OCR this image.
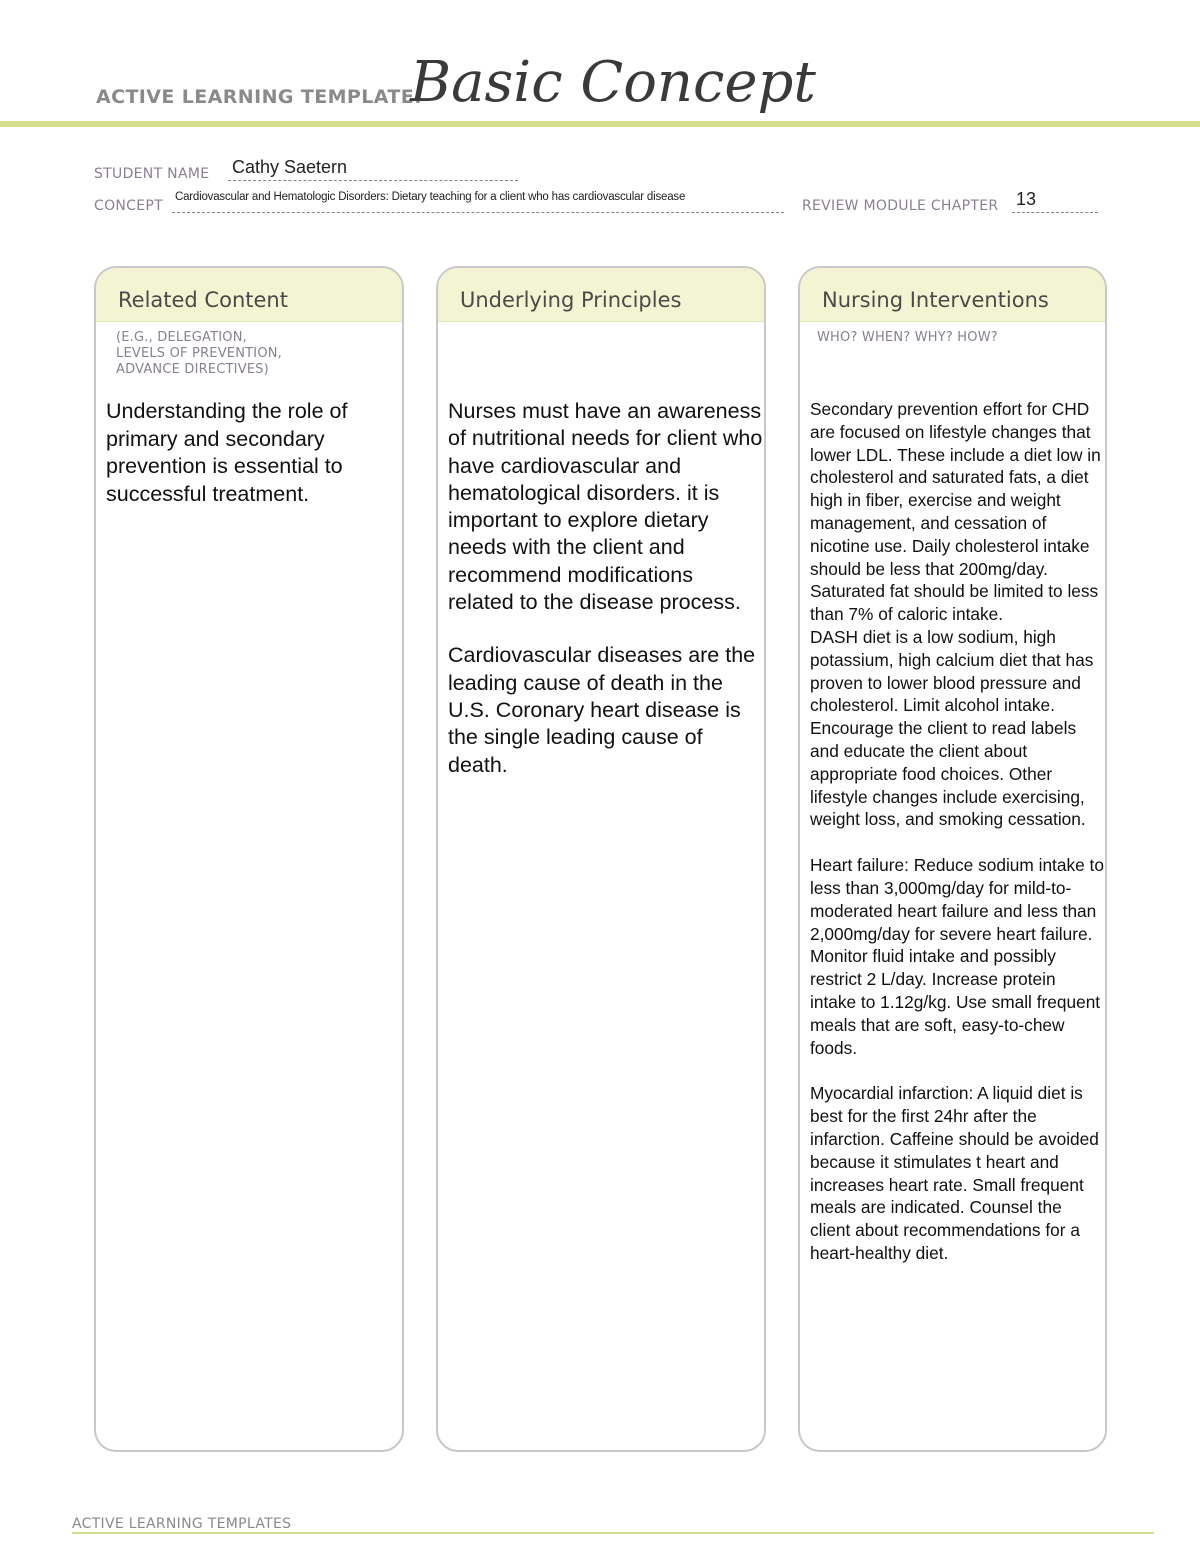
ACTIVE LEARNING TEMPLATE:
Basic Concept
STUDENT NAME Cathy Saetern
CONCEPT
Cardiovascular and Hematologic Disorders: Dietary teaching for a client who has cardiovascular disease
REVIEW MODULE CHAPTER 13
Related Content
(E.G., DELEGATION,
LEVELS OF PREVENTION,
ADVANCE DIRECTIVES)

Understanding the role of primary and secondary prevention is essential to successful treatment.

Underlying Principles

Nurses must have an awareness of nutritional needs for client who have cardiovascular and hematological disorders. it is important to explore dietary needs with the client and recommend modifications related to the disease process.

Cardiovascular diseases are the leading cause of death in the U.S. Coronary heart disease is the single leading cause of death.

Nursing Interventions
WHO? WHEN? WHY? HOW?

Secondary prevention effort for CHD are focused on lifestyle changes that lower LDL. These include a diet low in cholesterol and saturated fats, a diet high in fiber, exercise and weight management, and cessation of nicotine use. Daily cholesterol intake should be less that 200mg/day. Saturated fat should be limited to less than 7% of caloric intake.

DASH diet is a low sodium, high potassium, high calcium diet that has proven to lower blood pressure and cholesterol. Limit alcohol intake. Encourage the client to read labels and educate the client about appropriate food choices. Other lifestyle changes include exercising, weight loss, and smoking cessation.

Heart failure: Reduce sodium intake to less than 3,000mg/day for mild-to-moderated heart failure and less than 2,000mg/day for severe heart failure. Monitor fluid intake and possibly restrict 2 L/day. Increase protein intake to 1.12g/kg. Use small frequent meals that are soft, easy-to-chew foods.

Myocardial infarction: A liquid diet is best for the first 24hr after the infarction. Caffeine should be avoided because it stimulates t heart and increases heart rate. Small frequent meals are indicated. Counsel the client about recommendations for a heart-healthy diet.

ACTIVE LEARNING TEMPLATES
